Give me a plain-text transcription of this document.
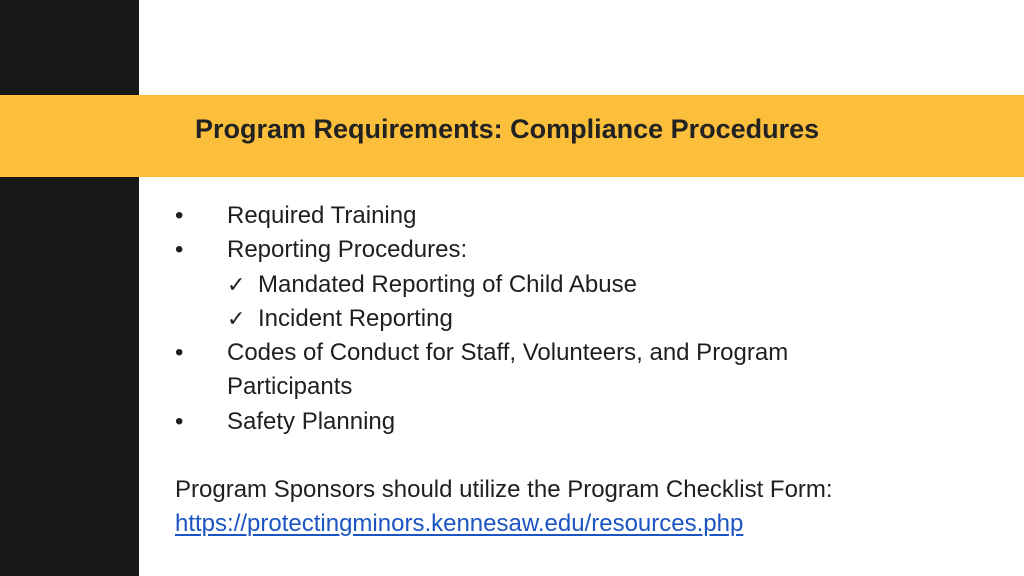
Program Requirements: Compliance Procedures
•	Required Training
•	Reporting Procedures:
✓ Mandated Reporting of Child Abuse
✓ Incident Reporting
•	Codes of Conduct for Staff, Volunteers, and Program Participants
•	Safety Planning

Program Sponsors should utilize the Program Checklist Form:
https://protectingminors.kennesaw.edu/resources.php
